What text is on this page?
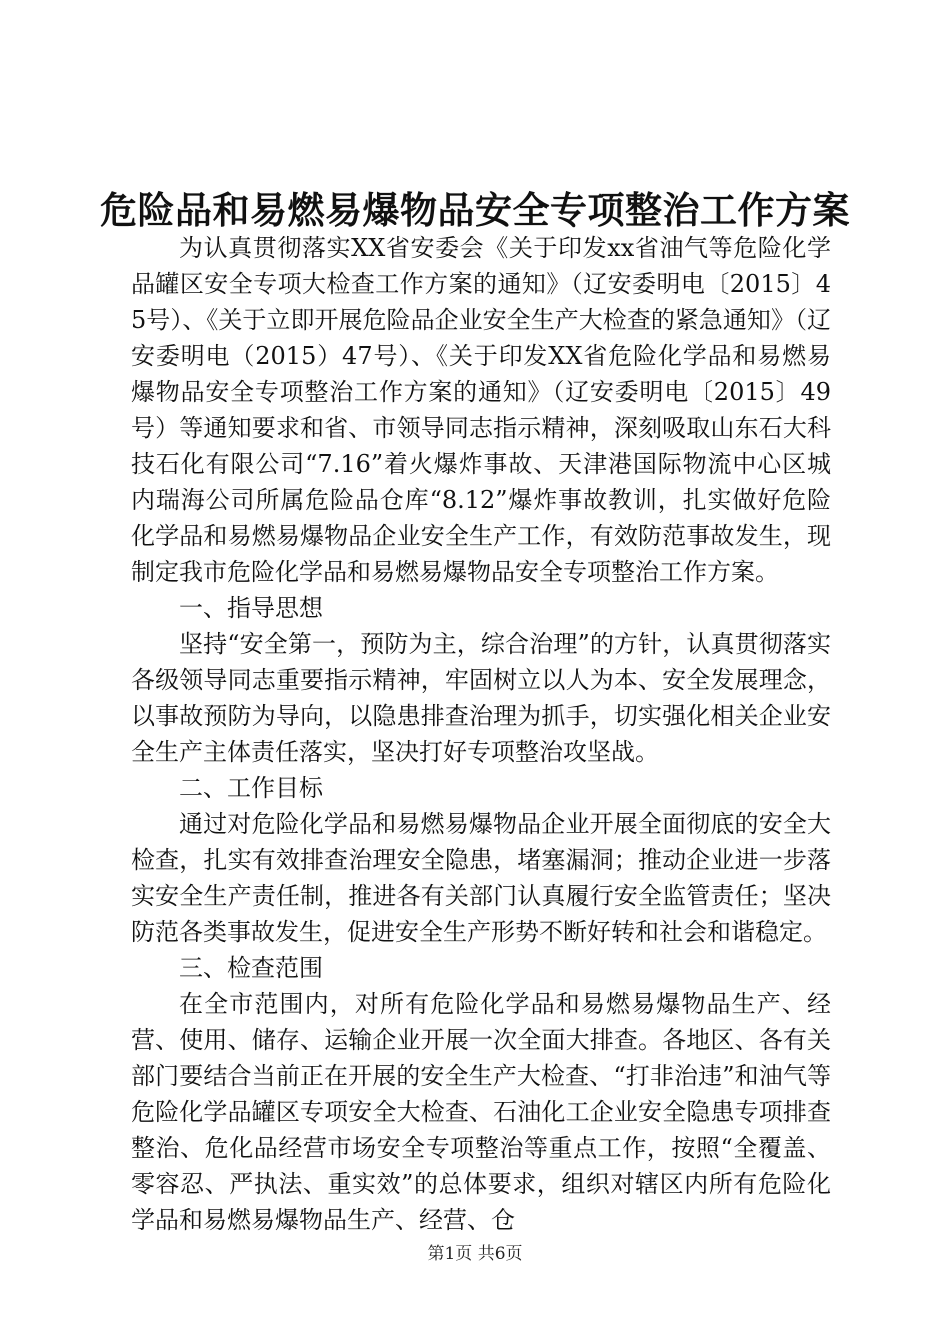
危险品和易燃易爆物品安全专项整治工作方案

为认真贯彻落实XX省安委会《关于印发xx省油气等危险化学品罐区安全专项大检查工作方案的通知》（辽安委明电〔2015〕45号）、《关于立即开展危险品企业安全生产大检查的紧急通知》（辽安委明电（2015）47号）、《关于印发XX省危险化学品和易燃易爆物品安全专项整治工作方案的通知》（辽安委明电〔2015〕49号）等通知要求和省、市领导同志指示精神，深刻吸取山东石大科技石化有限公司“7.16”着火爆炸事故、天津港国际物流中心区城内瑞海公司所属危险品仓库“8.12”爆炸事故教训，扎实做好危险化学品和易燃易爆物品企业安全生产工作，有效防范事故发生，现制定我市危险化学品和易燃易爆物品安全专项整治工作方案。

一、指导思想

坚持“安全第一，预防为主，综合治理”的方针，认真贯彻落实各级领导同志重要指示精神，牢固树立以人为本、安全发展理念，以事故预防为导向，以隐患排查治理为抓手，切实强化相关企业安全生产主体责任落实，坚决打好专项整治攻坚战。

二、工作目标

通过对危险化学品和易燃易爆物品企业开展全面彻底的安全大检查，扎实有效排查治理安全隐患，堵塞漏洞；推动企业进一步落实安全生产责任制，推进各有关部门认真履行安全监管责任；坚决防范各类事故发生，促进安全生产形势不断好转和社会和谐稳定。

三、检查范围

在全市范围内，对所有危险化学品和易燃易爆物品生产、经营、使用、储存、运输企业开展一次全面大排查。各地区、各有关部门要结合当前正在开展的安全生产大检查、“打非治违”和油气等危险化学品罐区专项安全大检查、石油化工企业安全隐患专项排查整治、危化品经营市场安全专项整治等重点工作，按照“全覆盖、零容忍、严执法、重实效”的总体要求，组织对辖区内所有危险化学品和易燃易爆物品生产、经营、仓

第1页 共6页
